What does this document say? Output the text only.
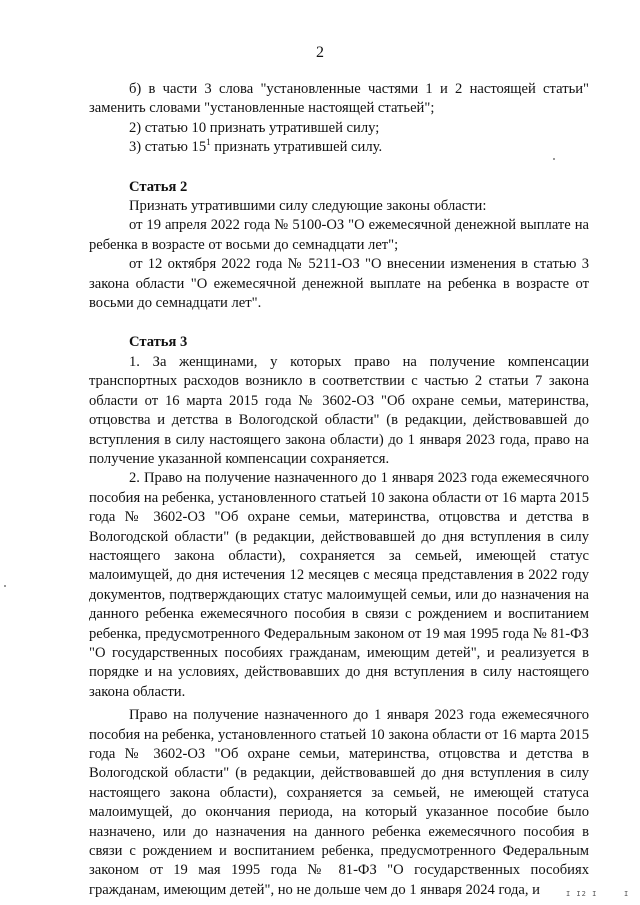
2

б) в части 3 слова "установленные частями 1 и 2 настоящей статьи" заменить словами "установленные настоящей статьей";

2) статью 10 признать утратившей силу;

3) статью $15^1$ признать утратившей силу.

Статья 2

Признать утратившими силу следующие законы области:

от 19 апреля 2022 года № 5100-ОЗ "О ежемесячной денежной выплате на ребенка в возрасте от восьми до семнадцати лет";

от 12 октября 2022 года № 5211-ОЗ "О внесении изменения в статью 3 закона области "О ежемесячной денежной выплате на ребенка в возрасте от восьми до семнадцати лет".

Статья 3

1. За женщинами, у которых право на получение компенсации транспортных расходов возникло в соответствии с частью 2 статьи 7 закона области от 16 марта 2015 года № 3602-ОЗ "Об охране семьи, материнства, отцовства и детства в Вологодской области" (в редакции, действовавшей до вступления в силу настоящего закона области) до 1 января 2023 года, право на получение указанной компенсации сохраняется.

2. Право на получение назначенного до 1 января 2023 года ежемесячного пособия на ребенка, установленного статьей 10 закона области от 16 марта 2015 года № 3602-ОЗ "Об охране семьи, материнства, отцовства и детства в Вологодской области" (в редакции, действовавшей до дня вступления в силу настоящего закона области), сохраняется за семьей, имеющей статус малоимущей, до дня истечения 12 месяцев с месяца представления в 2022 году документов, подтверждающих статус малоимущей семьи, или до назначения на данного ребенка ежемесячного пособия в связи с рождением и воспитанием ребенка, предусмотренного Федеральным законом от 19 мая 1995 года № 81-ФЗ "О государственных пособиях гражданам, имеющим детей", и реализуется в порядке и на условиях, действовавших до дня вступления в силу настоящего закона области.

Право на получение назначенного до 1 января 2023 года ежемесячного пособия на ребенка, установленного статьей 10 закона области от 16 марта 2015 года № 3602-ОЗ "Об охране семьи, материнства, отцовства и детства в Вологодской области" (в редакции, действовавшей до дня вступления в силу настоящего закона области), сохраняется за семьей, не имеющей статуса малоимущей, до окончания периода, на который указанное пособие было назначено, или до назначения на данного ребенка ежемесячного пособия в связи с рождением и воспитанием ребенка, предусмотренного Федеральным законом от 19 мая 1995 года № 81-ФЗ "О государственных пособиях гражданам, имеющим детей", но не дольше чем до 1 января 2024 года, и	I I2 I	I
